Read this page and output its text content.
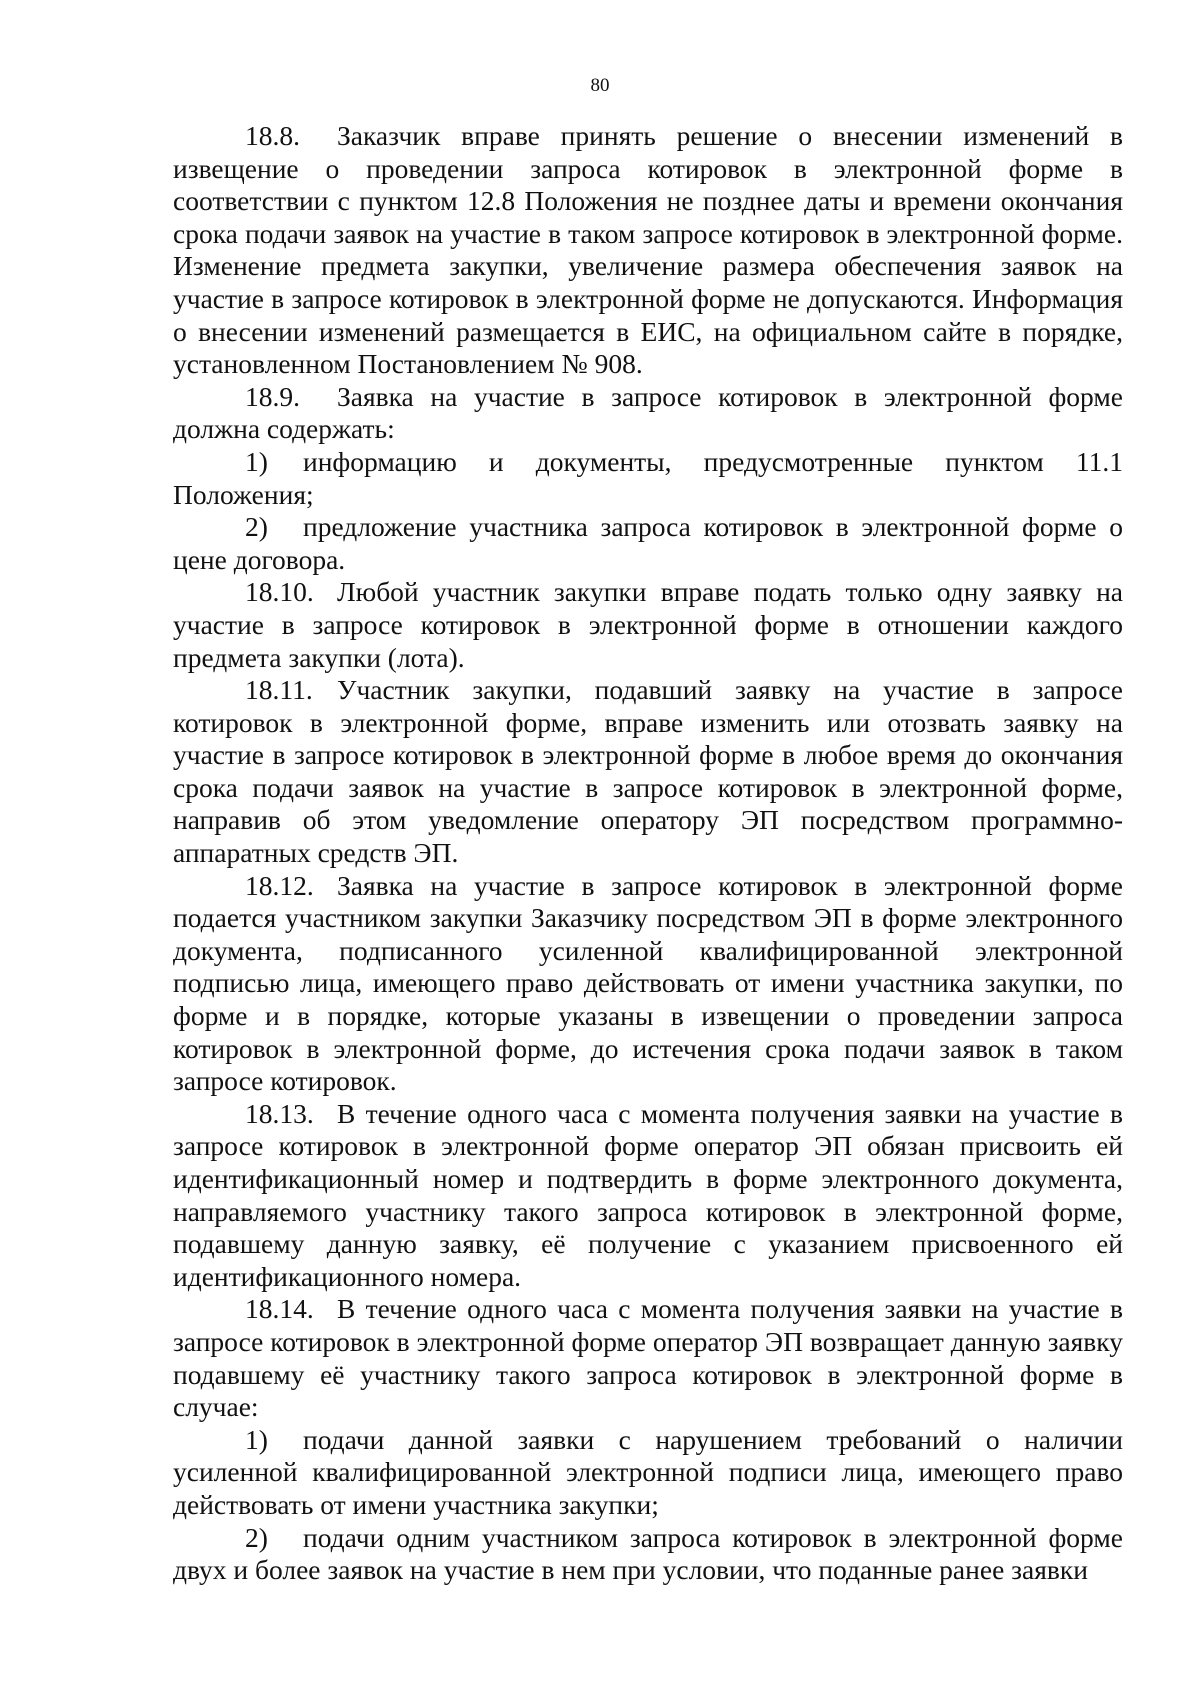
80

18.8. Заказчик вправе принять решение о внесении изменений в извещение о проведении запроса котировок в электронной форме в соответствии с пунктом 12.8 Положения не позднее даты и времени окончания срока подачи заявок на участие в таком запросе котировок в электронной форме. Изменение предмета закупки, увеличение размера обеспечения заявок на участие в запросе котировок в электронной форме не допускаются. Информация о внесении изменений размещается в ЕИС, на официальном сайте в порядке, установленном Постановлением № 908.

18.9. Заявка на участие в запросе котировок в электронной форме должна содержать:

1) информацию и документы, предусмотренные пунктом 11.1 Положения;

2) предложение участника запроса котировок в электронной форме о цене договора.

18.10. Любой участник закупки вправе подать только одну заявку на участие в запросе котировок в электронной форме в отношении каждого предмета закупки (лота).

18.11. Участник закупки, подавший заявку на участие в запросе котировок в электронной форме, вправе изменить или отозвать заявку на участие в запросе котировок в электронной форме в любое время до окончания срока подачи заявок на участие в запросе котировок в электронной форме, направив об этом уведомление оператору ЭП посредством программно-аппаратных средств ЭП.

18.12. Заявка на участие в запросе котировок в электронной форме подается участником закупки Заказчику посредством ЭП в форме электронного документа, подписанного усиленной квалифицированной электронной подписью лица, имеющего право действовать от имени участника закупки, по форме и в порядке, которые указаны в извещении о проведении запроса котировок в электронной форме, до истечения срока подачи заявок в таком запросе котировок.

18.13. В течение одного часа с момента получения заявки на участие в запросе котировок в электронной форме оператор ЭП обязан присвоить ей идентификационный номер и подтвердить в форме электронного документа, направляемого участнику такого запроса котировок в электронной форме, подавшему данную заявку, её получение с указанием присвоенного ей идентификационного номера.

18.14. В течение одного часа с момента получения заявки на участие в запросе котировок в электронной форме оператор ЭП возвращает данную заявку подавшему её участнику такого запроса котировок в электронной форме в случае:

1) подачи данной заявки с нарушением требований о наличии усиленной квалифицированной электронной подписи лица, имеющего право действовать от имени участника закупки;

2) подачи одним участником запроса котировок в электронной форме двух и более заявок на участие в нем при условии, что поданные ранее заявки
